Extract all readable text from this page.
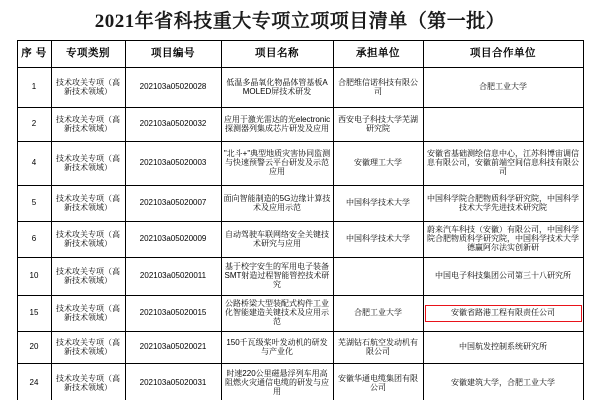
2021年省科技重大专项立项项目清单（第一批）
序 号	专项类别	项目编号	项目名称	承担单位	项目合作单位
1	技术攻关专项（高新技术领域）	202103a05020028	低温多晶氧化物晶体管基板AMOLED屏技术研发	合肥维信诺科技有限公司	合肥工业大学
2	技术攻关专项（高新技术领域）	202103a05020032	应用于激光雷达的光electronic探测器列集成芯片研发及应用	西安电子科技大学芜湖研究院	
4	技术攻关专项（高新技术领域）	202103a05020003	"北斗+"典型地质灾害协同监测与快速预警云平台研发及示范应用	安徽理工大学	安徽省基础测绘信息中心，江苏科博宙调信息有限公司，安徽前端空间信息科技有限公司
5	技术攻关专项（高新技术领域）	202103a05020007	面向智能制造的5G边缘计算技术及应用示范	中国科学技术大学	中国科学院合肥物质科学研究院，中国科学技术大学先进技术研究院
6	技术攻关专项（高新技术领域）	202103a05020009	自动驾驶车联网络安全关键技术研究与应用	中国科学技术大学	蔚来汽车科技（安徽）有限公司，中国科学院合肥物质科学研究院，中国科学技术大学德赢阿尔法实创新研
10	技术攻关专项（高新技术领域）	202103a05020011	基于校字安生的军用电子装备SMT射造过程智能管控技术研究		中国电子科技集团公司第三十八研究所
15	技术攻关专项（高新技术领域）	202103a05020015	公路桥梁大型装配式构件工业化智能建造关键技术及应用示范	合肥工业大学	安徽省路港工程有限责任公司

20	技术攻关专项（高新技术领域）	202103a05020021	150千瓦级桨叶发动机的研发与产业化	芜湖钻石航空发动机有限公司	中国航发控制系统研究所
24	技术攻关专项（高新技术领域）	202103a05020031	时速220公里磁悬浮列车用高阻燃火灾通信电缆的研发与应用	安徽华通电缆集团有限公司	安徽建筑大学，合肥工业大学
